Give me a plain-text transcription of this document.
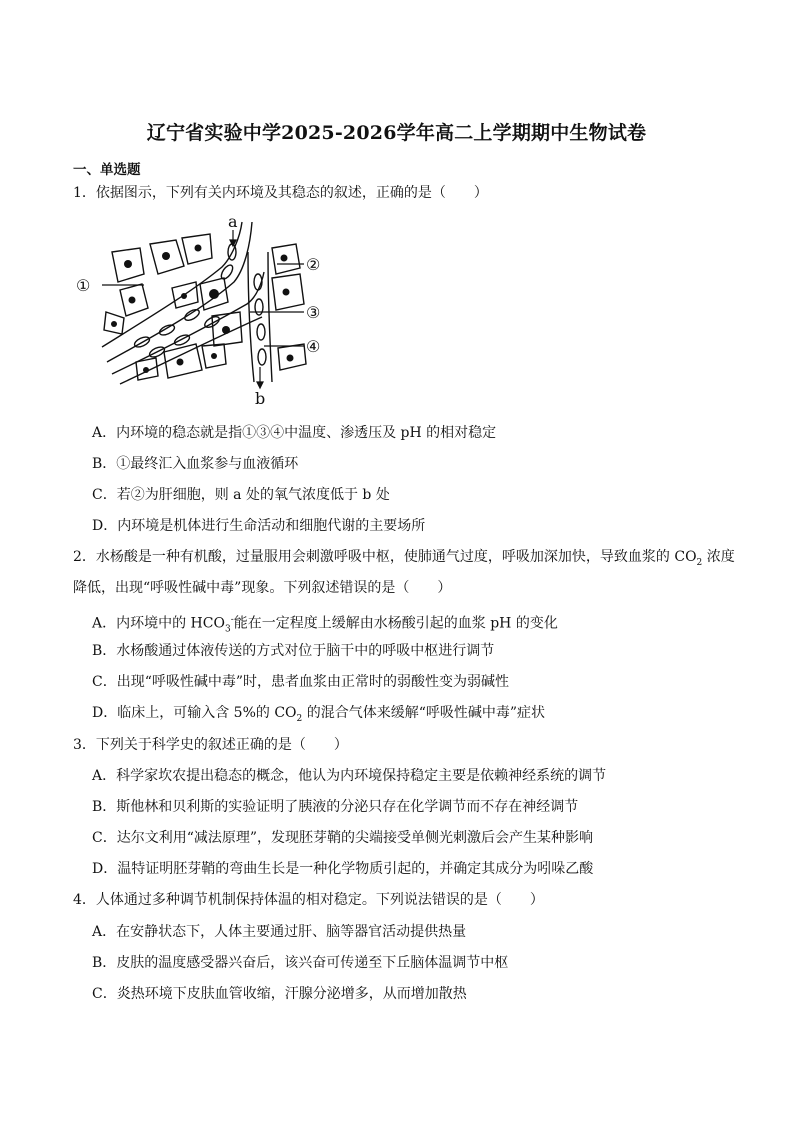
辽宁省实验中学2025-2026学年高二上学期期中生物试卷
一、单选题
1．依据图示，下列有关内环境及其稳态的叙述，正确的是（　　）
a
b
①
②
③
④
A．内环境的稳态就是指①③④中温度、渗透压及 pH 的相对稳定
B．①最终汇入血浆参与血液循环
C．若②为肝细胞，则 a 处的氧气浓度低于 b 处
D．内环境是机体进行生命活动和细胞代谢的主要场所
2．水杨酸是一种有机酸，过量服用会刺激呼吸中枢，使肺通气过度，呼吸加深加快，导致血浆的 $CO_2$ 浓度
降低，出现“呼吸性碱中毒”现象。下列叙述错误的是（　　）
A．内环境中的 $HCO_3^-$能在一定程度上缓解由水杨酸引起的血浆 pH 的变化
B．水杨酸通过体液传送的方式对位于脑干中的呼吸中枢进行调节
C．出现“呼吸性碱中毒”时，患者血浆由正常时的弱酸性变为弱碱性
D．临床上，可输入含 5%的 $CO_2$ 的混合气体来缓解“呼吸性碱中毒”症状
3．下列关于科学史的叙述正确的是（　　）
A．科学家坎农提出稳态的概念，他认为内环境保持稳定主要是依赖神经系统的调节
B．斯他林和贝利斯的实验证明了胰液的分泌只存在化学调节而不存在神经调节
C．达尔文利用“减法原理”，发现胚芽鞘的尖端接受单侧光刺激后会产生某种影响
D．温特证明胚芽鞘的弯曲生长是一种化学物质引起的，并确定其成分为吲哚乙酸
4．人体通过多种调节机制保持体温的相对稳定。下列说法错误的是（　　）
A．在安静状态下，人体主要通过肝、脑等器官活动提供热量
B．皮肤的温度感受器兴奋后，该兴奋可传递至下丘脑体温调节中枢
C．炎热环境下皮肤血管收缩，汗腺分泌增多，从而增加散热
